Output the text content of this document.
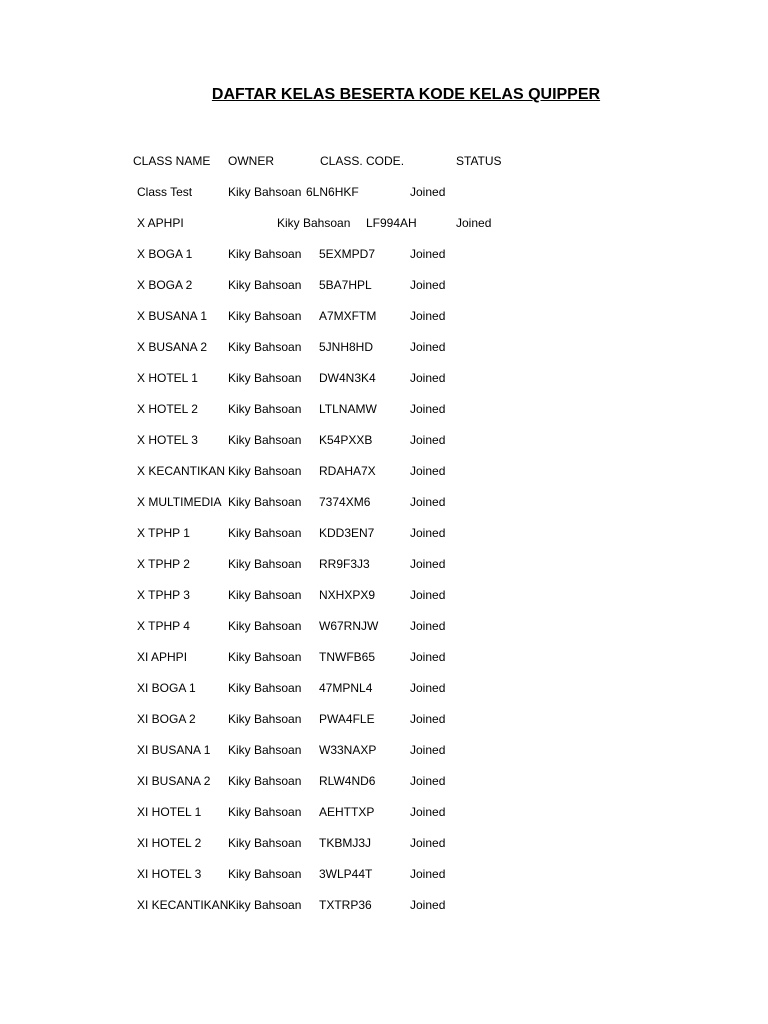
DAFTAR KELAS BESERTA KODE KELAS QUIPPER
CLASS NAME OWNER	CLASS. CODE.	STATUS
Class Test	Kiky Bahsoan 6LN6HKF	Joined
X APHPI	Kiky Bahsoan LF994AH	Joined
X BOGA 1	Kiky Bahsoan 5EXMPD7	Joined
X BOGA 2	Kiky Bahsoan 5BA7HPL	Joined
X BUSANA 1 Kiky Bahsoan A7MXFTM	Joined
X BUSANA 2 Kiky Bahsoan 5JNH8HD	Joined
X HOTEL 1	Kiky Bahsoan DW4N3K4	Joined
X HOTEL 2	Kiky Bahsoan LTLNAMW	Joined
X HOTEL 3	Kiky Bahsoan K54PXXB	Joined
X KECANTIKAN Kiky Bahsoan RDAHA7X	Joined
X MULTIMEDIA Kiky Bahsoan 7374XM6	Joined
X TPHP 1	Kiky Bahsoan KDD3EN7	Joined
X TPHP 2	Kiky Bahsoan RR9F3J3	Joined
X TPHP 3	Kiky Bahsoan NXHXPX9	Joined
X TPHP 4	Kiky Bahsoan W67RNJW	Joined
XI APHPI	Kiky Bahsoan TNWFB65	Joined
XI BOGA 1	Kiky Bahsoan 47MPNL4	Joined
XI BOGA 2	Kiky Bahsoan PWA4FLE	Joined
XI BUSANA 1 Kiky Bahsoan W33NAXP	Joined
XI BUSANA 2 Kiky Bahsoan RLW4ND6	Joined
XI HOTEL 1 Kiky Bahsoan AEHTTXP	Joined
XI HOTEL 2 Kiky Bahsoan TKBMJ3J	Joined
XI HOTEL 3 Kiky Bahsoan 3WLP44T	Joined
XI KECANTIKAN Kiky Bahsoan TXTRP36	Joined
